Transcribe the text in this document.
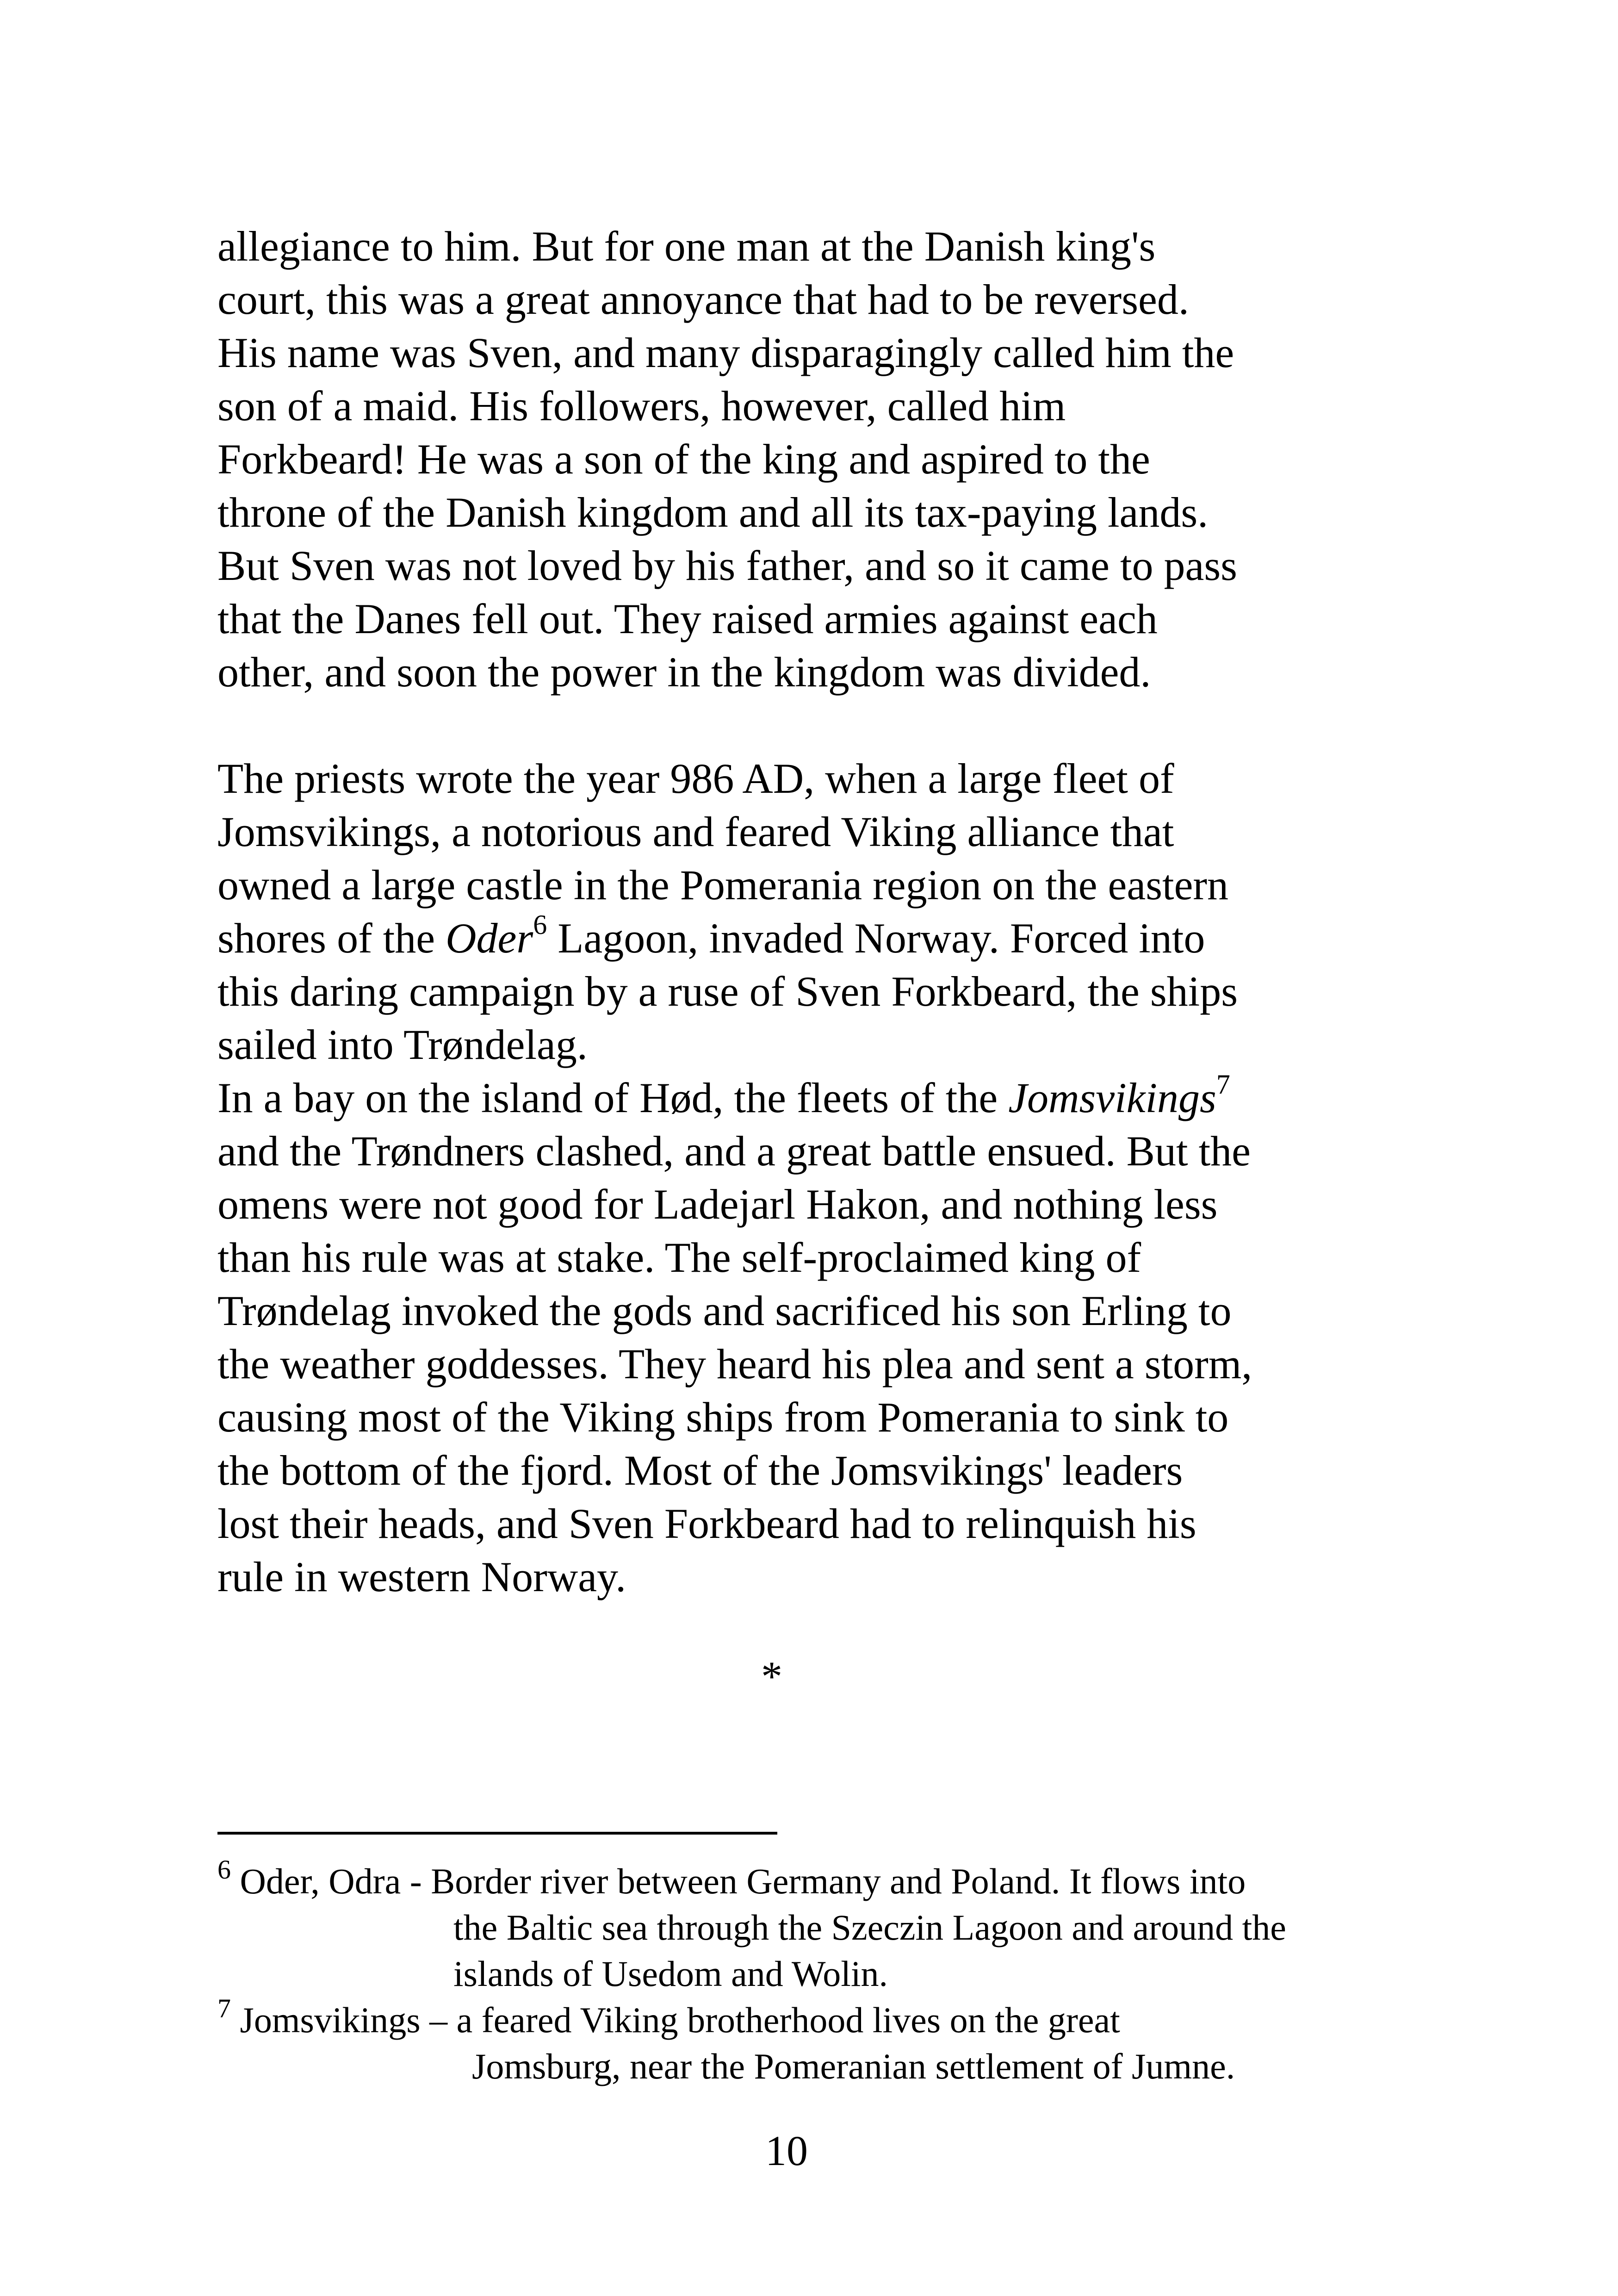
allegiance to him. But for one man at the Danish king's
court, this was a great annoyance that had to be reversed.
His name was Sven, and many disparagingly called him the
son of a maid. His followers, however, called him
Forkbeard! He was a son of the king and aspired to the
throne of the Danish kingdom and all its tax-paying lands.
But Sven was not loved by his father, and so it came to pass
that the Danes fell out. They raised armies against each
other, and soon the power in the kingdom was divided.
The priests wrote the year 986 AD, when a large fleet of
Jomsvikings, a notorious and feared Viking alliance that
owned a large castle in the Pomerania region on the eastern
shores of the Oder$^6$ Lagoon, invaded Norway. Forced into
this daring campaign by a ruse of Sven Forkbeard, the ships
sailed into Trøndelag.
In a bay on the island of Hød, the fleets of the Jomsvikings$^7$
and the Trøndners clashed, and a great battle ensued. But the
omens were not good for Ladejarl Hakon, and nothing less
than his rule was at stake. The self-proclaimed king of
Trøndelag invoked the gods and sacrificed his son Erling to
the weather goddesses. They heard his plea and sent a storm,
causing most of the Viking ships from Pomerania to sink to
the bottom of the fjord. Most of the Jomsvikings' leaders
lost their heads, and Sven Forkbeard had to relinquish his
rule in western Norway.
*
$^6$ Oder, Odra - Border river between Germany and Poland. It flows into
the Baltic sea through the Szeczin Lagoon and around the
islands of Usedom and Wolin.
$^7$ Jomsvikings – a feared Viking brotherhood lives on the great
Jomsburg, near the Pomeranian settlement of Jumne.
10
